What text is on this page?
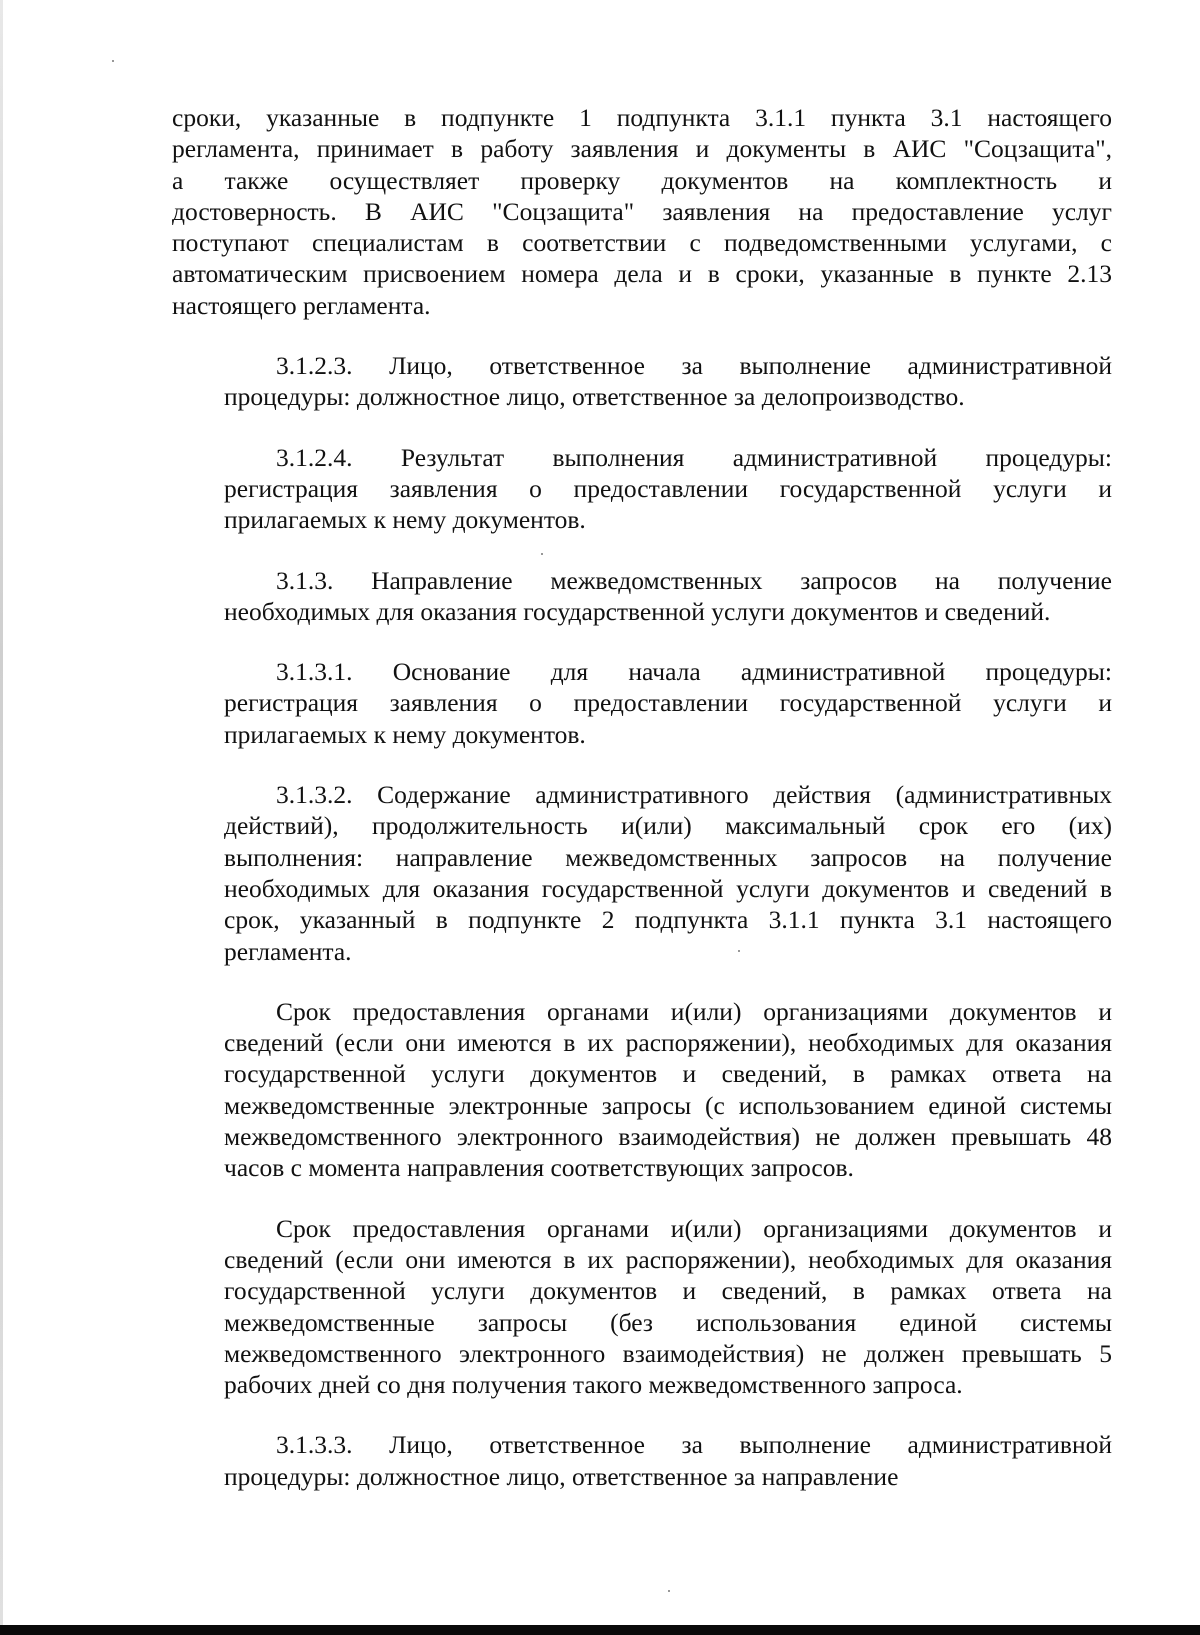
сроки, указанные в подпункте 1 подпункта 3.1.1 пункта 3.1 настоящего
регламента, принимает в работу заявления и документы в АИС "Соцзащита",
а также осуществляет проверку документов на комплектность и
достоверность. В АИС "Соцзащита" заявления на предоставление услуг
поступают специалистам в соответствии с подведомственными услугами, с
автоматическим присвоением номера дела и в сроки, указанные в пункте 2.13
настоящего регламента.
3.1.2.3. Лицо, ответственное за выполнение административной
процедуры: должностное лицо, ответственное за делопроизводство.
3.1.2.4. Результат выполнения административной процедуры:
регистрация заявления о предоставлении государственной услуги и
прилагаемых к нему документов.
3.1.3. Направление межведомственных запросов на получение
необходимых для оказания государственной услуги документов и сведений.
3.1.3.1. Основание для начала административной процедуры:
регистрация заявления о предоставлении государственной услуги и
прилагаемых к нему документов.
3.1.3.2. Содержание административного действия (административных
действий), продолжительность и(или) максимальный срок его (их)
выполнения: направление межведомственных запросов на получение
необходимых для оказания государственной услуги документов и сведений в
срок, указанный в подпункте 2 подпункта 3.1.1 пункта 3.1 настоящего
регламента.
Срок предоставления органами и(или) организациями документов и
сведений (если они имеются в их распоряжении), необходимых для оказания
государственной услуги документов и сведений, в рамках ответа на
межведомственные электронные запросы (с использованием единой системы
межведомственного электронного взаимодействия) не должен превышать 48
часов с момента направления соответствующих запросов.
Срок предоставления органами и(или) организациями документов и
сведений (если они имеются в их распоряжении), необходимых для оказания
государственной услуги документов и сведений, в рамках ответа на
межведомственные запросы (без использования единой системы
межведомственного электронного взаимодействия) не должен превышать 5
рабочих дней со дня получения такого межведомственного запроса.
3.1.3.3. Лицо, ответственное за выполнение административной
процедуры: должностное лицо, ответственное за направление
